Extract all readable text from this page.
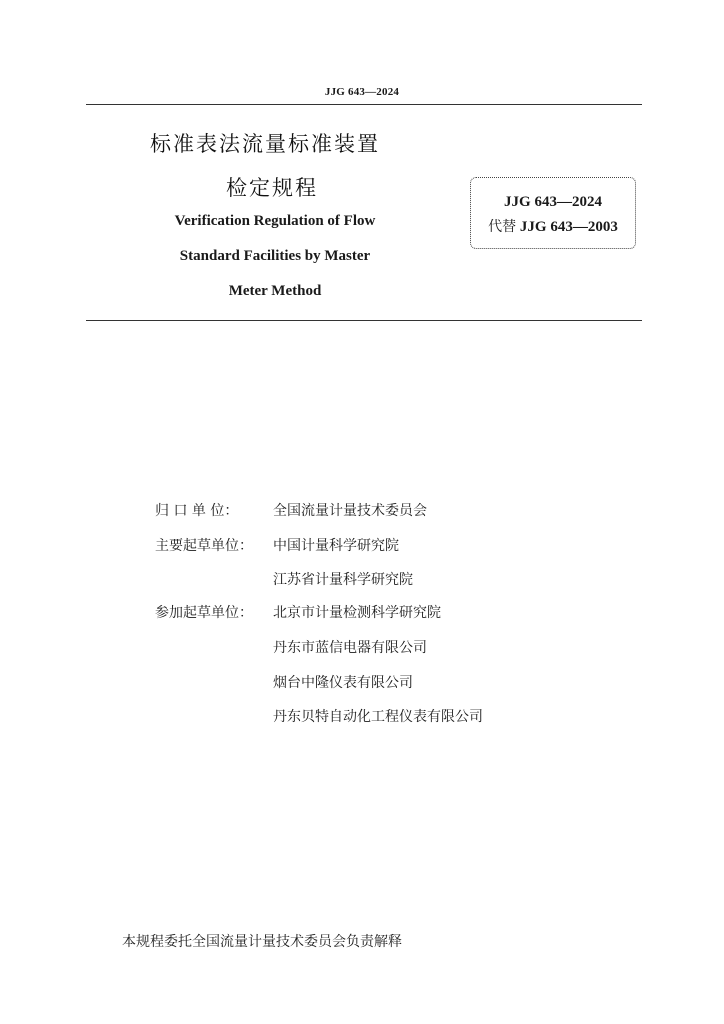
JJG 643—2024
标准表法流量标准装置
检定规程
Verification Regulation of Flow
Standard Facilities by Master
Meter Method
JJG 643—2024
代替 JJG 643—2003
归 口 单 位：	全国流量计量技术委员会
主要起草单位：	中国计量科学研究院
江苏省计量科学研究院
参加起草单位：	北京市计量检测科学研究院
丹东市蓝信电器有限公司
烟台中隆仪表有限公司
丹东贝特自动化工程仪表有限公司
本规程委托全国流量计量技术委员会负责解释
